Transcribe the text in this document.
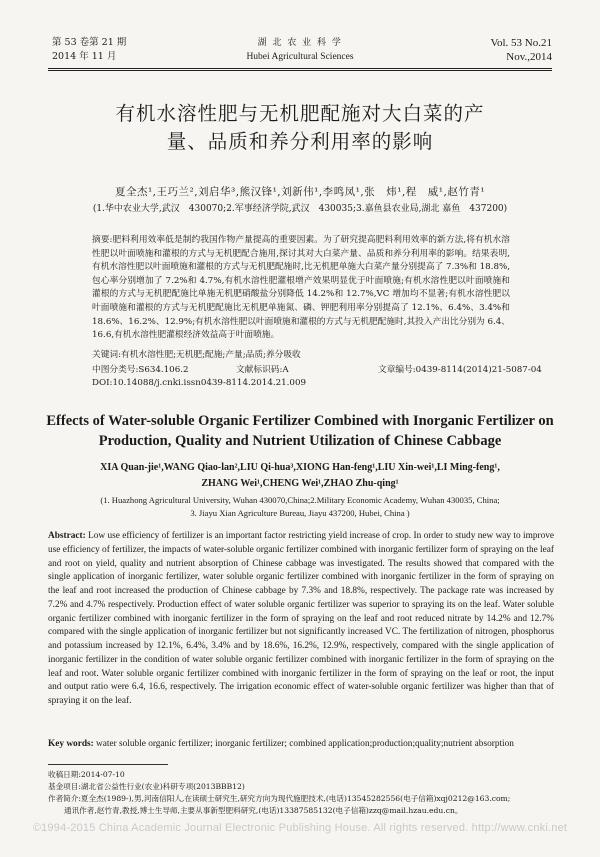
第 53 卷第 21 期
2014 年 11 月
湖 北 农 业 科 学
Hubei Agricultural Sciences
Vol. 53 No.21
Nov.,2014
有机水溶性肥与无机肥配施对大白菜的产
量、品质和养分利用率的影响
夏全杰¹,王巧兰²,刘启华³,熊汉锋¹,刘新伟¹,李鸣凤¹,张　炜¹,程　威¹,赵竹青¹
(1.华中农业大学,武汉　430070;2.军事经济学院,武汉　430035;3.嘉鱼县农业局,湖北 嘉鱼　437200)
摘要:肥料利用效率低是制约我国作物产量提高的重要因素。为了研究提高肥料利用效率的新方法,将有机水溶性肥以叶面喷施和灌根的方式与无机肥配合施用,探讨其对大白菜产量、品质和养分利用率的影响。结果表明,有机水溶性肥以叶面喷施和灌根的方式与无机肥配施时,比无机肥单施大白菜产量分别提高了 7.3%和 18.8%,包心率分别增加了 7.2%和 4.7%,有机水溶性肥灌根增产效果明显优于叶面喷施;有机水溶性肥以叶面喷施和灌根的方式与无机肥配施比单施无机肥硝酸盐分别降低 14.2%和 12.7%,VC 增加均不显著;有机水溶性肥以叶面喷施和灌根的方式与无机肥配施比无机肥单施氮、磷、钾肥利用率分别提高了 12.1%、6.4%、3.4%和 18.6%、16.2%、12.9%;有机水溶性肥以叶面喷施和灌根的方式与无机肥配施时,其投入产出比分别为 6.4、16.6,有机水溶性肥灌根经济效益高于叶面喷施。
关键词:有机水溶性肥;无机肥;配施;产量;品质;养分吸收
中图分类号:S634.106.2	文献标识码:A	文章编号:0439-8114(2014)21-5087-04
DOI:10.14088/j.cnki.issn0439-8114.2014.21.009
Effects of Water-soluble Organic Fertilizer Combined with Inorganic Fertilizer on
Production, Quality and Nutrient Utilization of Chinese Cabbage
XIA Quan-jie¹,WANG Qiao-lan²,LIU Qi-hua³,XIONG Han-feng¹,LIU Xin-wei¹,LI Ming-feng¹,
ZHANG Wei¹,CHENG Wei¹,ZHAO Zhu-qing¹
(1. Huazhong Agricultural University, Wuhan 430070,China;2.Military Economic Academy, Wuhan 430035, China;
3. Jiayu Xian Agriculture Bureau, Jiayu 437200, Hubei, China )
Abstract: Low use efficiency of fertilizer is an important factor restricting yield increase of crop. In order to study new way to improve use efficiency of fertilizer, the impacts of water-soluble organic fertilizer combined with inorganic fertilizer form of spraying on the leaf and root on yield, quality and nutrient absorption of Chinese cabbage was investigated. The results showed that compared with the single application of inorganic fertilizer, water soluble organic fertilizer combined with inorganic fertilizer in the form of spraying on the leaf and root increased the production of Chinese cabbage by 7.3% and 18.8%, respectively. The package rate was increased by 7.2% and 4.7% respectively. Production effect of water soluble organic fertilizer was superior to spraying its on the leaf. Water soluble organic fertilizer combined with inorganic fertilizer in the form of spraying on the leaf and root reduced nitrate by 14.2% and 12.7% compared with the single application of inorganic fertilizer but not significantly increased VC. The fertilization of nitrogen, phosphorus and potassium increased by 12.1%, 6.4%, 3.4% and by 18.6%, 16.2%, 12.9%, respectively, compared with the single application of inorganic fertilizer in the condition of water soluble organic fertilizer combined with inorganic fertilizer in the form of spraying on the leaf and root. Water soluble organic fertilizer combined with inorganic fertilizer in the form of spraying on the leaf or root, the input and output ratio were 6.4, 16.6, respectively. The irrigation economic effect of water-soluble organic fertilizer was higher than that of spraying it on the leaf.
Key words: water soluble organic fertilizer; inorganic fertilizer; combined application;production;quality;nutrient absorption
收稿日期:2014-07-10
基金项目:湖北省公益性行业(农业)科研专项(2013BBB12)
作者简介:夏全杰(1989-),男,河南信阳人,在读硕士研究生,研究方向为现代施肥技术,(电话)13545282556(电子信箱)xqj0212@163.com;
通讯作者,赵竹青,教授,博士生导师,主要从事新型肥料研究,(电话)13387585132(电子信箱)zzq@mail.hzau.edu.cn。
©1994-2015 China Academic Journal Electronic Publishing House. All rights reserved. http://www.cnki.net
